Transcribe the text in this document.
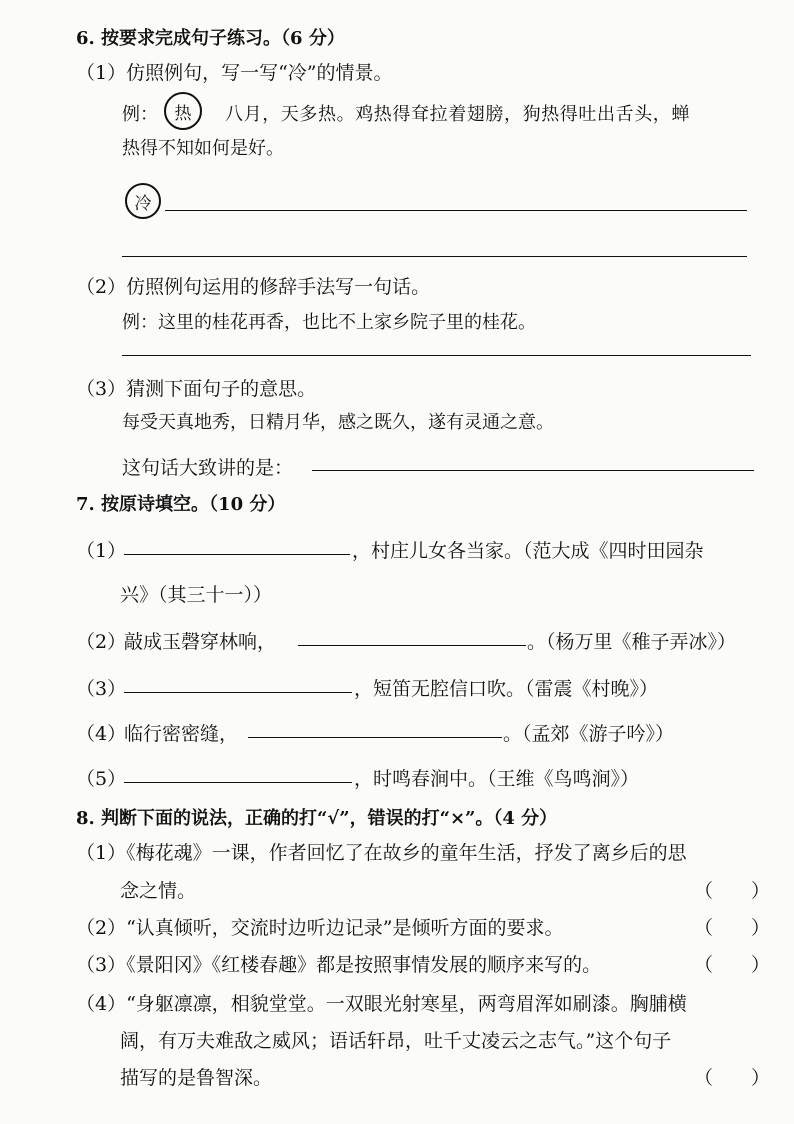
6. 按要求完成句子练习。（6 分）
（1）仿照例句，写一写“冷”的情景。
例： 热 八月，天多热。鸡热得耷拉着翅膀，狗热得吐出舌头，蝉
热得不知如何是好。
冷
（2）仿照例句运用的修辞手法写一句话。
例：这里的桂花再香，也比不上家乡院子里的桂花。
（3）猜测下面句子的意思。
每受天真地秀，日精月华，感之既久，遂有灵通之意。
这句话大致讲的是：
7. 按原诗填空。（10 分）
（1）	，村庄儿女各当家。（范大成《四时田园杂
兴》（其三十一））
（2）
敲成玉磬穿林响，	。（杨万里《稚子弄冰》）
（3）	，短笛无腔信口吹。（雷震《村晚》）
（4）
临行密密缝，	。（孟郊《游子吟》）
（5）	，时鸣春涧中。（王维《鸟鸣涧》）
8. 判断下面的说法，正确的打“√”，错误的打“×”。（4 分）
（1）《梅花魂》一课，作者回忆了在故乡的童年生活，抒发了离乡后的思
念之情。	（ ）
（2）“认真倾听，交流时边听边记录”是倾听方面的要求。	（ ）
（3）《景阳冈》《红楼春趣》都是按照事情发展的顺序来写的。	（ ）
（4）“身躯凛凛，相貌堂堂。一双眼光射寒星，两弯眉浑如刷漆。胸脯横
阔，有万夫难敌之威风；语话轩昂，吐千丈凌云之志气。”这个句子
描写的是鲁智深。	（ ）
